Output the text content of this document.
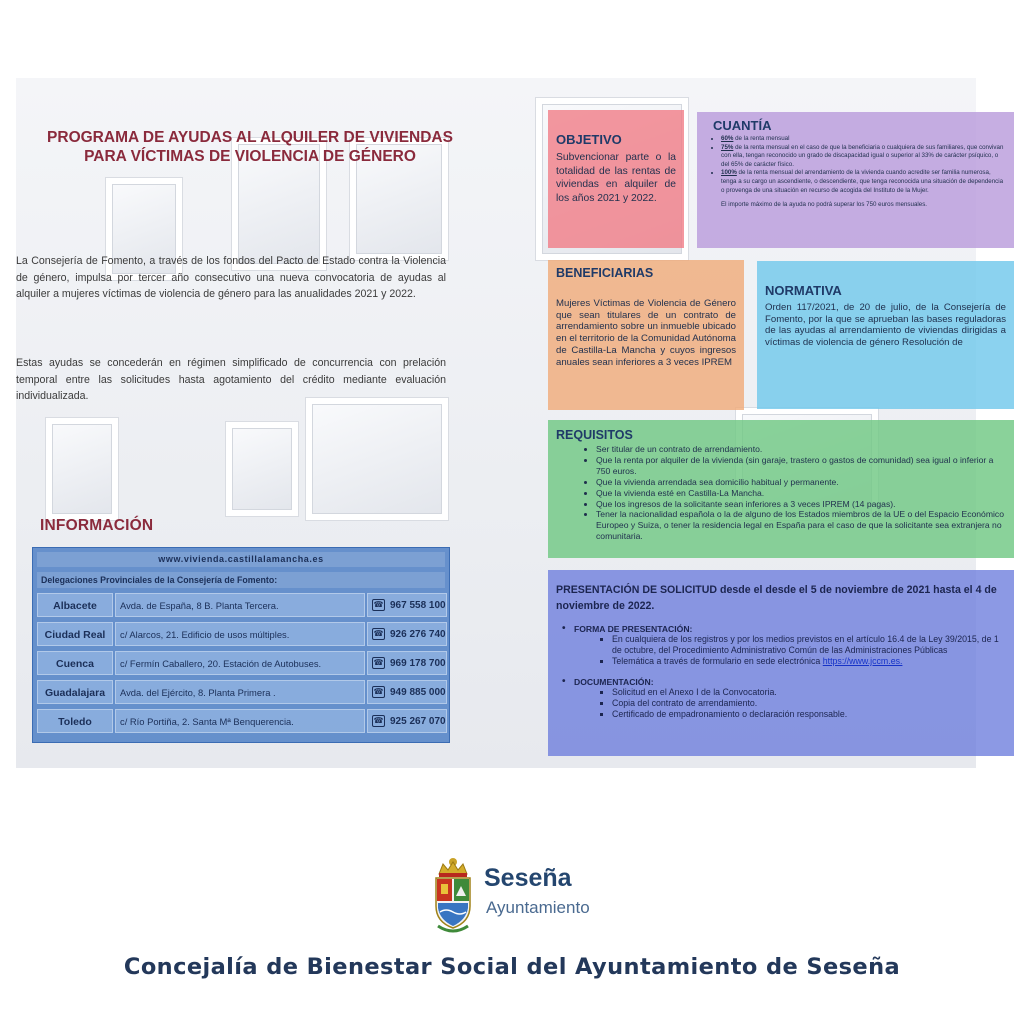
PROGRAMA DE AYUDAS AL ALQUILER DE VIVIENDAS
PARA VÍCTIMAS DE VIOLENCIA DE GÉNERO

La Consejería de Fomento, a través de los fondos del Pacto de Estado contra la Violencia de género, impulsa por tercer año consecutivo una nueva convocatoria de ayudas al alquiler a mujeres víctimas de violencia de género para las anualidades 2021 y 2022.

Estas ayudas se concederán en régimen simplificado de concurrencia con prelación temporal entre las solicitudes hasta agotamiento del crédito mediante evaluación individualizada.

INFORMACIÓN
www.vivienda.castillalamancha.es
Delegaciones Provinciales de la Consejería de Fomento:
Albacete	Avda. de España, 8 B. Planta Tercera.	☎ 967 558 100
Ciudad Real	c/ Alarcos, 21. Edificio de usos múltiples.	☎ 926 276 740
Cuenca	c/ Fermín Caballero, 20. Estación de Autobuses.	☎ 969 178 700
Guadalajara	Avda. del Ejército, 8. Planta Primera .	☎ 949 885 000
Toledo	c/ Río Portiña, 2. Santa Mª Benquerencia.	☎ 925 267 070
OBJETIVO

Subvencionar parte o la totalidad de las rentas de viviendas en alquiler de los años 2021 y 2022.

CUANTÍA
• 60% de la renta mensual
• 75% de la renta mensual en el caso de que la beneficiaria o cualquiera de sus familiares, que convivan con ella, tengan reconocido un grado de discapacidad igual o superior al 33% de carácter psíquico, o del 65% de carácter físico.
• 100% de la renta mensual del arrendamiento de la vivienda cuando acredite ser familia numerosa, tenga a su cargo un ascendiente, o descendiente, que tenga reconocida una situación de dependencia o provenga de una situación en recurso de acogida del Instituto de la Mujer.

El importe máximo de la ayuda no podrá superar los 750 euros mensuales.

BENEFICIARIAS

Mujeres Víctimas de Violencia de Género que sean titulares de un contrato de arrendamiento sobre un inmueble ubicado en el territorio de la Comunidad Autónoma de Castilla-La Mancha y cuyos ingresos anuales sean inferiores a 3 veces IPREM

NORMATIVA

Orden 117/2021, de 20 de julio, de la Consejería de Fomento, por la que se aprueban las bases reguladoras de las ayudas al arrendamiento de viviendas dirigidas a víctimas de violencia de género Resolución de

REQUISITOS
• Ser titular de un contrato de arrendamiento.
• Que la renta por alquiler de la vivienda (sin garaje, trastero o gastos de comunidad) sea igual o inferior a 750 euros.
• Que la vivienda arrendada sea domicilio habitual y permanente.
• Que la vivienda esté en Castilla-La Mancha.
• Que los ingresos de la solicitante sean inferiores a 3 veces IPREM (14 pagas).
• Tener la nacionalidad española o la de alguno de los Estados miembros de la UE o del Espacio Económico Europeo y Suiza, o tener la residencia legal en España para el caso de que la solicitante sea extranjera no comunitaria.
PRESENTACIÓN DE SOLICITUD desde el desde el 5 de noviembre de 2021 hasta el 4 de noviembre de 2022.

• FORMA DE PRESENTACIÓN:

▪ En cualquiera de los registros y por los medios previstos en el artículo 16.4 de la Ley 39/2015, de 1 de octubre, del Procedimiento Administrativo Común de las Administraciones Públicas
▪ Telemática a través de formulario en sede electrónica https://www.jccm.es.

• DOCUMENTACIÓN:

▪ Solicitud en el Anexo I de la Convocatoria.
▪ Copia del contrato de arrendamiento.
▪ Certificado de empadronamiento o declaración responsable.

Seseña

Ayuntamiento

Concejalía de Bienestar Social del Ayuntamiento de Seseña
